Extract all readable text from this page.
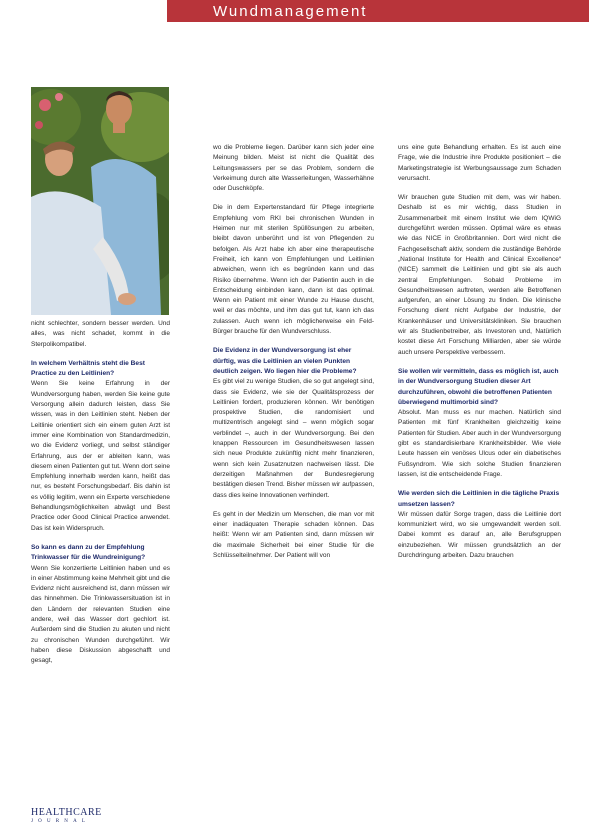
Wundmanagement

nicht schlechter, sondern besser werden. Und alles, was nicht schadet, kommt in die Sterpolikompatibel.

In welchem Verhältnis steht die Best Practice zu den Leitlinien?

Wenn Sie keine Erfahrung in der Wundversorgung haben, werden Sie keine gute Versorgung allein dadurch leisten, dass Sie wissen, was in den Leitlinien steht. Neben der Leitlinie orientiert sich ein einem guten Arzt ist immer eine Kombination von Standardmedizin, wo die Evidenz vorliegt, und selbst ständiger Erfahrung, aus der er ableiten kann, was diesem einen Patienten gut tut. Wenn dort seine Empfehlung innerhalb werden kann, heißt das nur, es besteht Forschungsbedarf. Bis dahin ist es völlig legitim, wenn ein Experte verschiedene Behandlungsmöglichkeiten abwägt und Best Practice oder Good Clinical Practice anwendet. Das ist kein Widerspruch.

So kann es dann zu der Empfehlung Trinkwasser für die Wundreinigung?

Wenn Sie konzertierte Leitlinien haben und es in einer Abstimmung keine Mehrheit gibt und die Evidenz nicht ausreichend ist, dann müssen wir das hinnehmen. Die Trinkwassersituation ist in den Ländern der relevanten Studien eine andere, weil das Wasser dort gechlort ist. Außerdem sind die Studien zu akuten und nicht zu chronischen Wunden durchgeführt. Wir haben diese Diskussion abgeschafft und gesagt,

wo die Probleme liegen. Darüber kann sich jeder eine Meinung bilden. Meist ist nicht die Qualität des Leitungswassers per se das Problem, sondern die Verkeimung durch alte Wasserleitungen, Wasserhähne oder Duschköpfe.

Die in dem Expertenstandard für Pflege integrierte Empfehlung vom RKI bei chronischen Wunden in Heimen nur mit sterilen Spüllösungen zu arbeiten, bleibt davon unberührt und ist von Pflegenden zu befolgen. Als Arzt habe ich aber eine therapeutische Freiheit, ich kann von Empfehlungen und Leitlinien abweichen, wenn ich es begründen kann und das Risiko übernehme. Wenn ich der Patientin auch in die Entscheidung einbinden kann, dann ist das optimal. Wenn ein Patient mit einer Wunde zu Hause duscht, weil er das möchte, und ihm das gut tut, kann ich das zulassen. Auch wenn ich möglicherweise ein Feld-Bürger brauche für den Wundverschluss.

Die Evidenz in der Wundversorgung ist eher dürftig, was die Leitlinien an vielen Punkten deutlich zeigen. Wo liegen hier die Probleme?

Es gibt viel zu wenige Studien, die so gut angelegt sind, dass sie Evidenz, wie sie der Qualitätsprozess der Leitlinien fordert, produzieren können. Wir benötigen prospektive Studien, die randomisiert und multizentrisch angelegt sind – wenn möglich sogar verblindet –, auch in der Wundversorgung. Bei den knappen Ressourcen im Gesundheitswesen lassen sich neue Produkte zukünftig nicht mehr finanzieren, wenn sich kein Zusatznutzen nachweisen lässt. Die derzeitigen Maßnahmen der Bundesregierung bestätigen diesen Trend. Bisher müssen wir aufpassen, dass dies keine Innovationen verhindert.

Es geht in der Medizin um Menschen, die man vor mit einer inadäquaten Therapie schaden können. Das heißt: Wenn wir am Patienten sind, dann müssen wir die maximale Sicherheit bei einer Studie für die Schlüsselteilnehmer. Der Patient will von

uns eine gute Behandlung erhalten. Es ist auch eine Frage, wie die Industrie ihre Produkte positioniert – die Marketingstrategie ist Werbungsaussage zum Schaden verursacht.

Wir brauchen gute Studien mit dem, was wir haben. Deshalb ist es mir wichtig, dass Studien in Zusammenarbeit mit einem Institut wie dem IQWiG durchgeführt werden müssen. Optimal wäre es etwas wie das NICE in Großbritannien. Dort wird nicht die Fachgesellschaft aktiv, sondern die zuständige Behörde „National Institute for Health and Clinical Excellence“ (NICE) sammelt die Leitlinien und gibt sie als auch zentral Empfehlungen. Sobald Probleme im Gesundheitswesen auftreten, werden alle Betroffenen aufgerufen, an einer Lösung zu finden. Die klinische Forschung dient nicht Aufgabe der Industrie, der Krankenhäuser und Universitätskliniken. Sie brauchen wir als Studienbetreiber, als Investoren und, Natürlich kostet diese Art Forschung Milliarden, aber sie würde auch unsere Perspektive verbessern.

Sie wollen wir vermitteln, dass es möglich ist, auch in der Wundversorgung Studien dieser Art durchzuführen, obwohl die betroffenen Patienten überwiegend multimorbid sind?

Absolut. Man muss es nur machen. Natürlich sind Patienten mit fünf Krankheiten gleichzeitig keine Patienten für Studien. Aber auch in der Wundversorgung gibt es standardisierbare Krankheitsbilder. Wie viele Leute hassen ein venöses Ulcus oder ein diabetisches Fußsyndrom. Wie sich solche Studien finanzieren lassen, ist die entscheidende Frage.

Wie werden sich die Leitlinien in die tägliche Praxis umsetzen lassen?

Wir müssen dafür Sorge tragen, dass die Leitlinie dort kommuniziert wird, wo sie umgewandelt werden soll. Dabei kommt es darauf an, alle Berufsgruppen einzubeziehen. Wir müssen grundsätzlich an der Durchdringung arbeiten. Dazu brauchen

HEALTHCARE
JOURNAL
